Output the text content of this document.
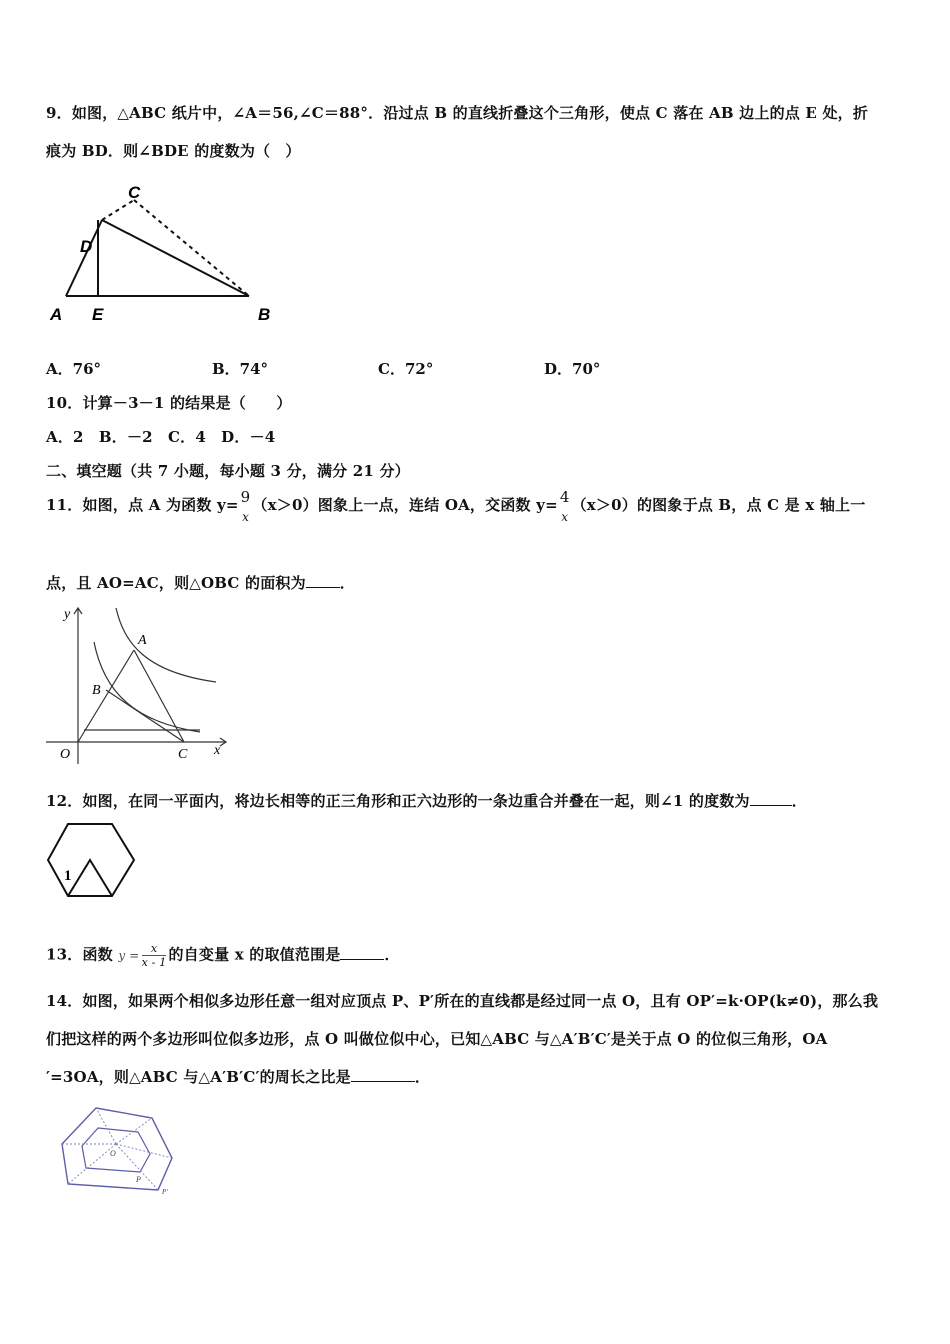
9．如图，△ABC 纸片中，∠A＝56,∠C＝88°．沿过点 B 的直线折叠这个三角形，使点 C 落在 AB 边上的点 E 处，折
痕为 BD．则∠BDE 的度数为（　）
C
D
A E	B
A．76°	B．74°	C．72°	D．70°
10．计算－3－1 的结果是（　　）
A．2　B．－2　C．4　D．－4
二、填空题（共 7 小题，每小题 3 分，满分 21 分）
11．如图，点 A 为函数 y= 9
x
（x＞0）图象上一点，连结 OA，交函数 y= 4
x
（x＞0）的图象于点 B，点 C 是 x 轴上一
点，且 AO=AC，则△OBC 的面积为 ．
y
A
B
O	C x
12．如图，在同一平面内，将边长相等的正三角形和正六边形的一条边重合并叠在一起，则∠1 的度数为	．
1
13．函数 $y = \frac{x}{x - 1}$ 的自变量 x 的取值范围是	．
14．如图，如果两个相似多边形任意一组对应顶点 P、P′所在的直线都是经过同一点 O，且有 OP′=k·OP(k≠0)，那么我
们把这样的两个多边形叫位似多边形，点 O 叫做位似中心，已知△ABC 与△A′B′C′是关于点 O 的位似三角形，OA
′=3OA，则△ABC 与△A′B′C′的周长之比是	．
O
P
P′
